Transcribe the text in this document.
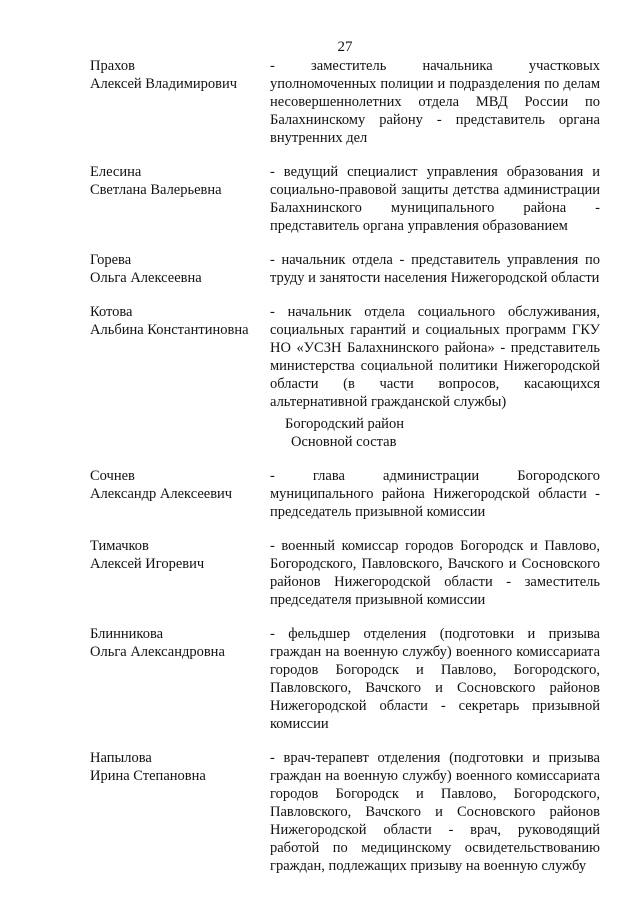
27
Прахов
Алексей Владимирович
- заместитель начальника участковых уполномоченных полиции и подразделения по делам несовершеннолетних отдела МВД России по Балахнинскому району - представитель органа внутренних дел
Елесина
Светлана Валерьевна
- ведущий специалист управления образования и социально-правовой защиты детства администрации Балахнинского муниципального района - представитель органа управления образованием
Горева
Ольга Алексеевна
- начальник отдела - представитель управления по труду и занятости населения Нижегородской области
Котова
Альбина Константиновна
- начальник отдела социального обслуживания, социальных гарантий и социальных программ ГКУ НО «УСЗН Балахнинского района» - представитель министерства социальной политики Нижегородской области (в части вопросов, касающихся альтернативной гражданской службы)
Богородский район
Основной состав
Сочнев
Александр Алексеевич
- глава администрации Богородского муниципального района Нижегородской области - председатель призывной комиссии
Тимачков
Алексей Игоревич
- военный комиссар городов Богородск и Павлово, Богородского, Павловского, Вачского и Сосновского районов Нижегородской области - заместитель председателя призывной комиссии
Блинникова
Ольга Александровна
- фельдшер отделения (подготовки и призыва граждан на военную службу) военного комиссариата городов Богородск и Павлово, Богородского, Павловского, Вачского и Сосновского районов Нижегородской области - секретарь призывной комиссии
Напылова
Ирина Степановна
- врач-терапевт отделения (подготовки и призыва граждан на военную службу) военного комиссариата городов Богородск и Павлово, Богородского, Павловского, Вачского и Сосновского районов Нижегородской области - врач, руководящий работой по медицинскому освидетельствованию граждан, подлежащих призыву на военную службу
